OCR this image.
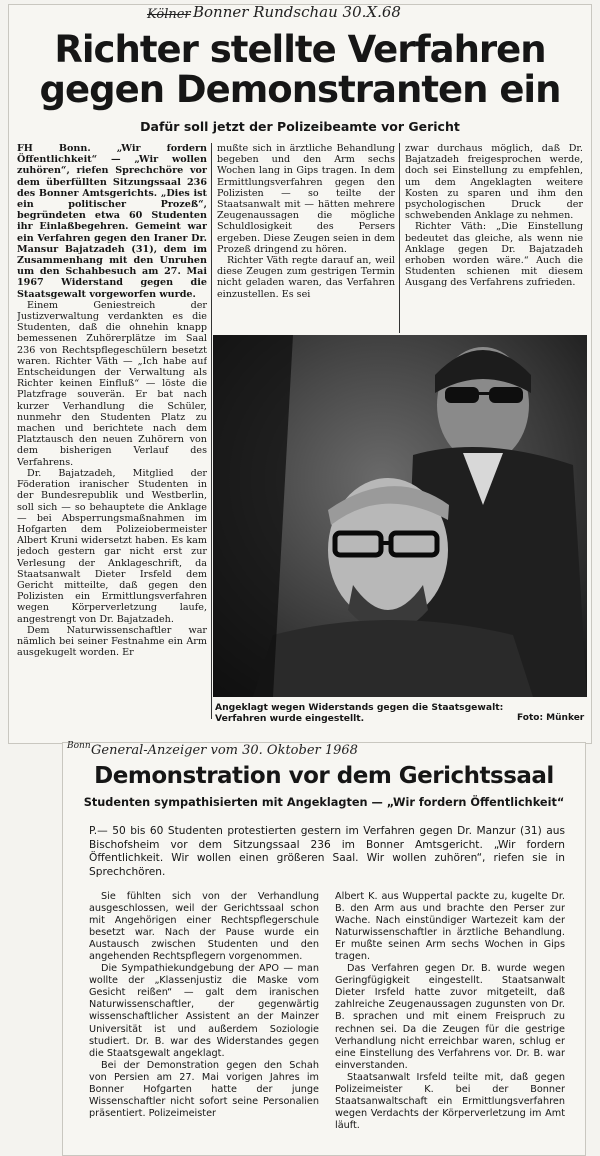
Kölner Bonner Rundschau 30.X.68
Richter stellte Verfahren
gegen Demonstranten ein
Dafür soll jetzt der Polizeibeamte vor Gericht

FH Bonn. „Wir fordern Öffentlichkeit“ — „Wir wollen zuhören“, riefen Sprechchöre vor dem überfüllten Sitzungssaal 236 des Bonner Amtsgerichts. „Dies ist ein politischer Prozeß“, begründeten etwa 60 Studenten ihr Einlaßbegehren. Gemeint war ein Verfahren gegen den Iraner Dr. Mansur Bajatzadeh (31), dem im Zusammenhang mit den Unruhen um den Schahbesuch am 27. Mai 1967 Widerstand gegen die Staatsgewalt vorgeworfen wurde.

Einem Geniestreich der Justizverwaltung verdankten es die Studenten, daß die ohnehin knapp bemessenen Zuhörerplätze im Saal 236 von Rechtspflegeschülern besetzt waren. Richter Väth — „Ich habe auf Entscheidungen der Verwaltung als Richter keinen Einfluß“ — löste die Platzfrage souverän. Er bat nach kurzer Verhandlung die Schüler, nunmehr den Studenten Platz zu machen und berichtete nach dem Platztausch den neuen Zuhörern von dem bisherigen Verlauf des Verfahrens.

Dr. Bajatzadeh, Mitglied der Föderation iranischer Studenten in der Bundesrepublik und Westberlin, soll sich — so behauptete die Anklage — bei Absperrungsmaßnahmen im Hofgarten dem Polizeiobermeister Albert Kruni widersetzt haben. Es kam jedoch gestern gar nicht erst zur Verlesung der Anklageschrift, da Staatsanwalt Dieter Irsfeld dem Gericht mitteilte, daß gegen den Polizisten ein Ermittlungsverfahren wegen Körperverletzung laufe, angestrengt von Dr. Bajatzadeh.

Dem Naturwissenschaftler war nämlich bei seiner Festnahme ein Arm ausgekugelt worden. Er

mußte sich in ärztliche Behandlung begeben und den Arm sechs Wochen lang in Gips tragen. In dem Ermittlungsverfahren gegen den Polizisten — so teilte der Staatsanwalt mit — hätten mehrere Zeugenaussagen die mögliche Schuldlosigkeit des Persers ergeben. Diese Zeugen seien in dem Prozeß dringend zu hören.

Richter Väth regte darauf an, weil diese Zeugen zum gestrigen Termin nicht geladen waren, das Verfahren einzustellen. Es sei

zwar durchaus möglich, daß Dr. Bajatzadeh freigesprochen werde, doch sei Einstellung zu empfehlen, um dem Angeklagten weitere Kosten zu sparen und ihm den psychologischen Druck der schwebenden Anklage zu nehmen.

Richter Väth: „Die Einstellung bedeutet das gleiche, als wenn nie Anklage gegen Dr. Bajatzadeh erhoben worden wäre.“ Auch die Studenten schienen mit diesem Ausgang des Verfahrens zufrieden.

Angeklagt wegen Widerstands gegen die Staatsgewalt: Verfahren wurde eingestellt.	Foto: Münker
Bonn General-Anzeiger vom 30. Oktober 1968
Demonstration vor dem Gerichtssaal
Studenten sympathisierten mit Angeklagten — „Wir fordern Öffentlichkeit“
P.— 50 bis 60 Studenten protestierten gestern im Verfahren gegen Dr. Manzur (31) aus Bischofsheim vor dem Sitzungssaal 236 im Bonner Amtsgericht. „Wir fordern Öffentlichkeit. Wir wollen einen größeren Saal. Wir wollen zuhören“, riefen sie in Sprechchören.

Sie fühlten sich von der Verhandlung ausgeschlossen, weil der Gerichtssaal schon mit Angehörigen einer Rechtspflegerschule besetzt war. Nach der Pause wurde ein Austausch zwischen Studenten und den angehenden Rechtspflegern vorgenommen.

Die Sympathiekundgebung der APO — man wollte der „Klassenjustiz die Maske vom Gesicht reißen“ — galt dem iranischen Naturwissenschaftler, der gegenwärtig wissenschaftlicher Assistent an der Mainzer Universität ist und außerdem Soziologie studiert. Dr. B. war des Widerstandes gegen die Staatsgewalt angeklagt.

Bei der Demonstration gegen den Schah von Persien am 27. Mai vorigen Jahres im Bonner Hofgarten hatte der junge Wissenschaftler nicht sofort seine Personalien präsentiert. Polizeimeister

Albert K. aus Wuppertal packte zu, kugelte Dr. B. den Arm aus und brachte den Perser zur Wache. Nach einstündiger Wartezeit kam der Naturwissenschaftler in ärztliche Behandlung. Er mußte seinen Arm sechs Wochen in Gips tragen.

Das Verfahren gegen Dr. B. wurde wegen Geringfügigkeit eingestellt. Staatsanwalt Dieter Irsfeld hatte zuvor mitgeteilt, daß zahlreiche Zeugenaussagen zugunsten von Dr. B. sprachen und mit einem Freispruch zu rechnen sei. Da die Zeugen für die gestrige Verhandlung nicht erreichbar waren, schlug er eine Einstellung des Verfahrens vor. Dr. B. war einverstanden.

Staatsanwalt Irsfeld teilte mit, daß gegen Polizeimeister K. bei der Bonner Staatsanwaltschaft ein Ermittlungsverfahren wegen Verdachts der Körperverletzung im Amt läuft.
